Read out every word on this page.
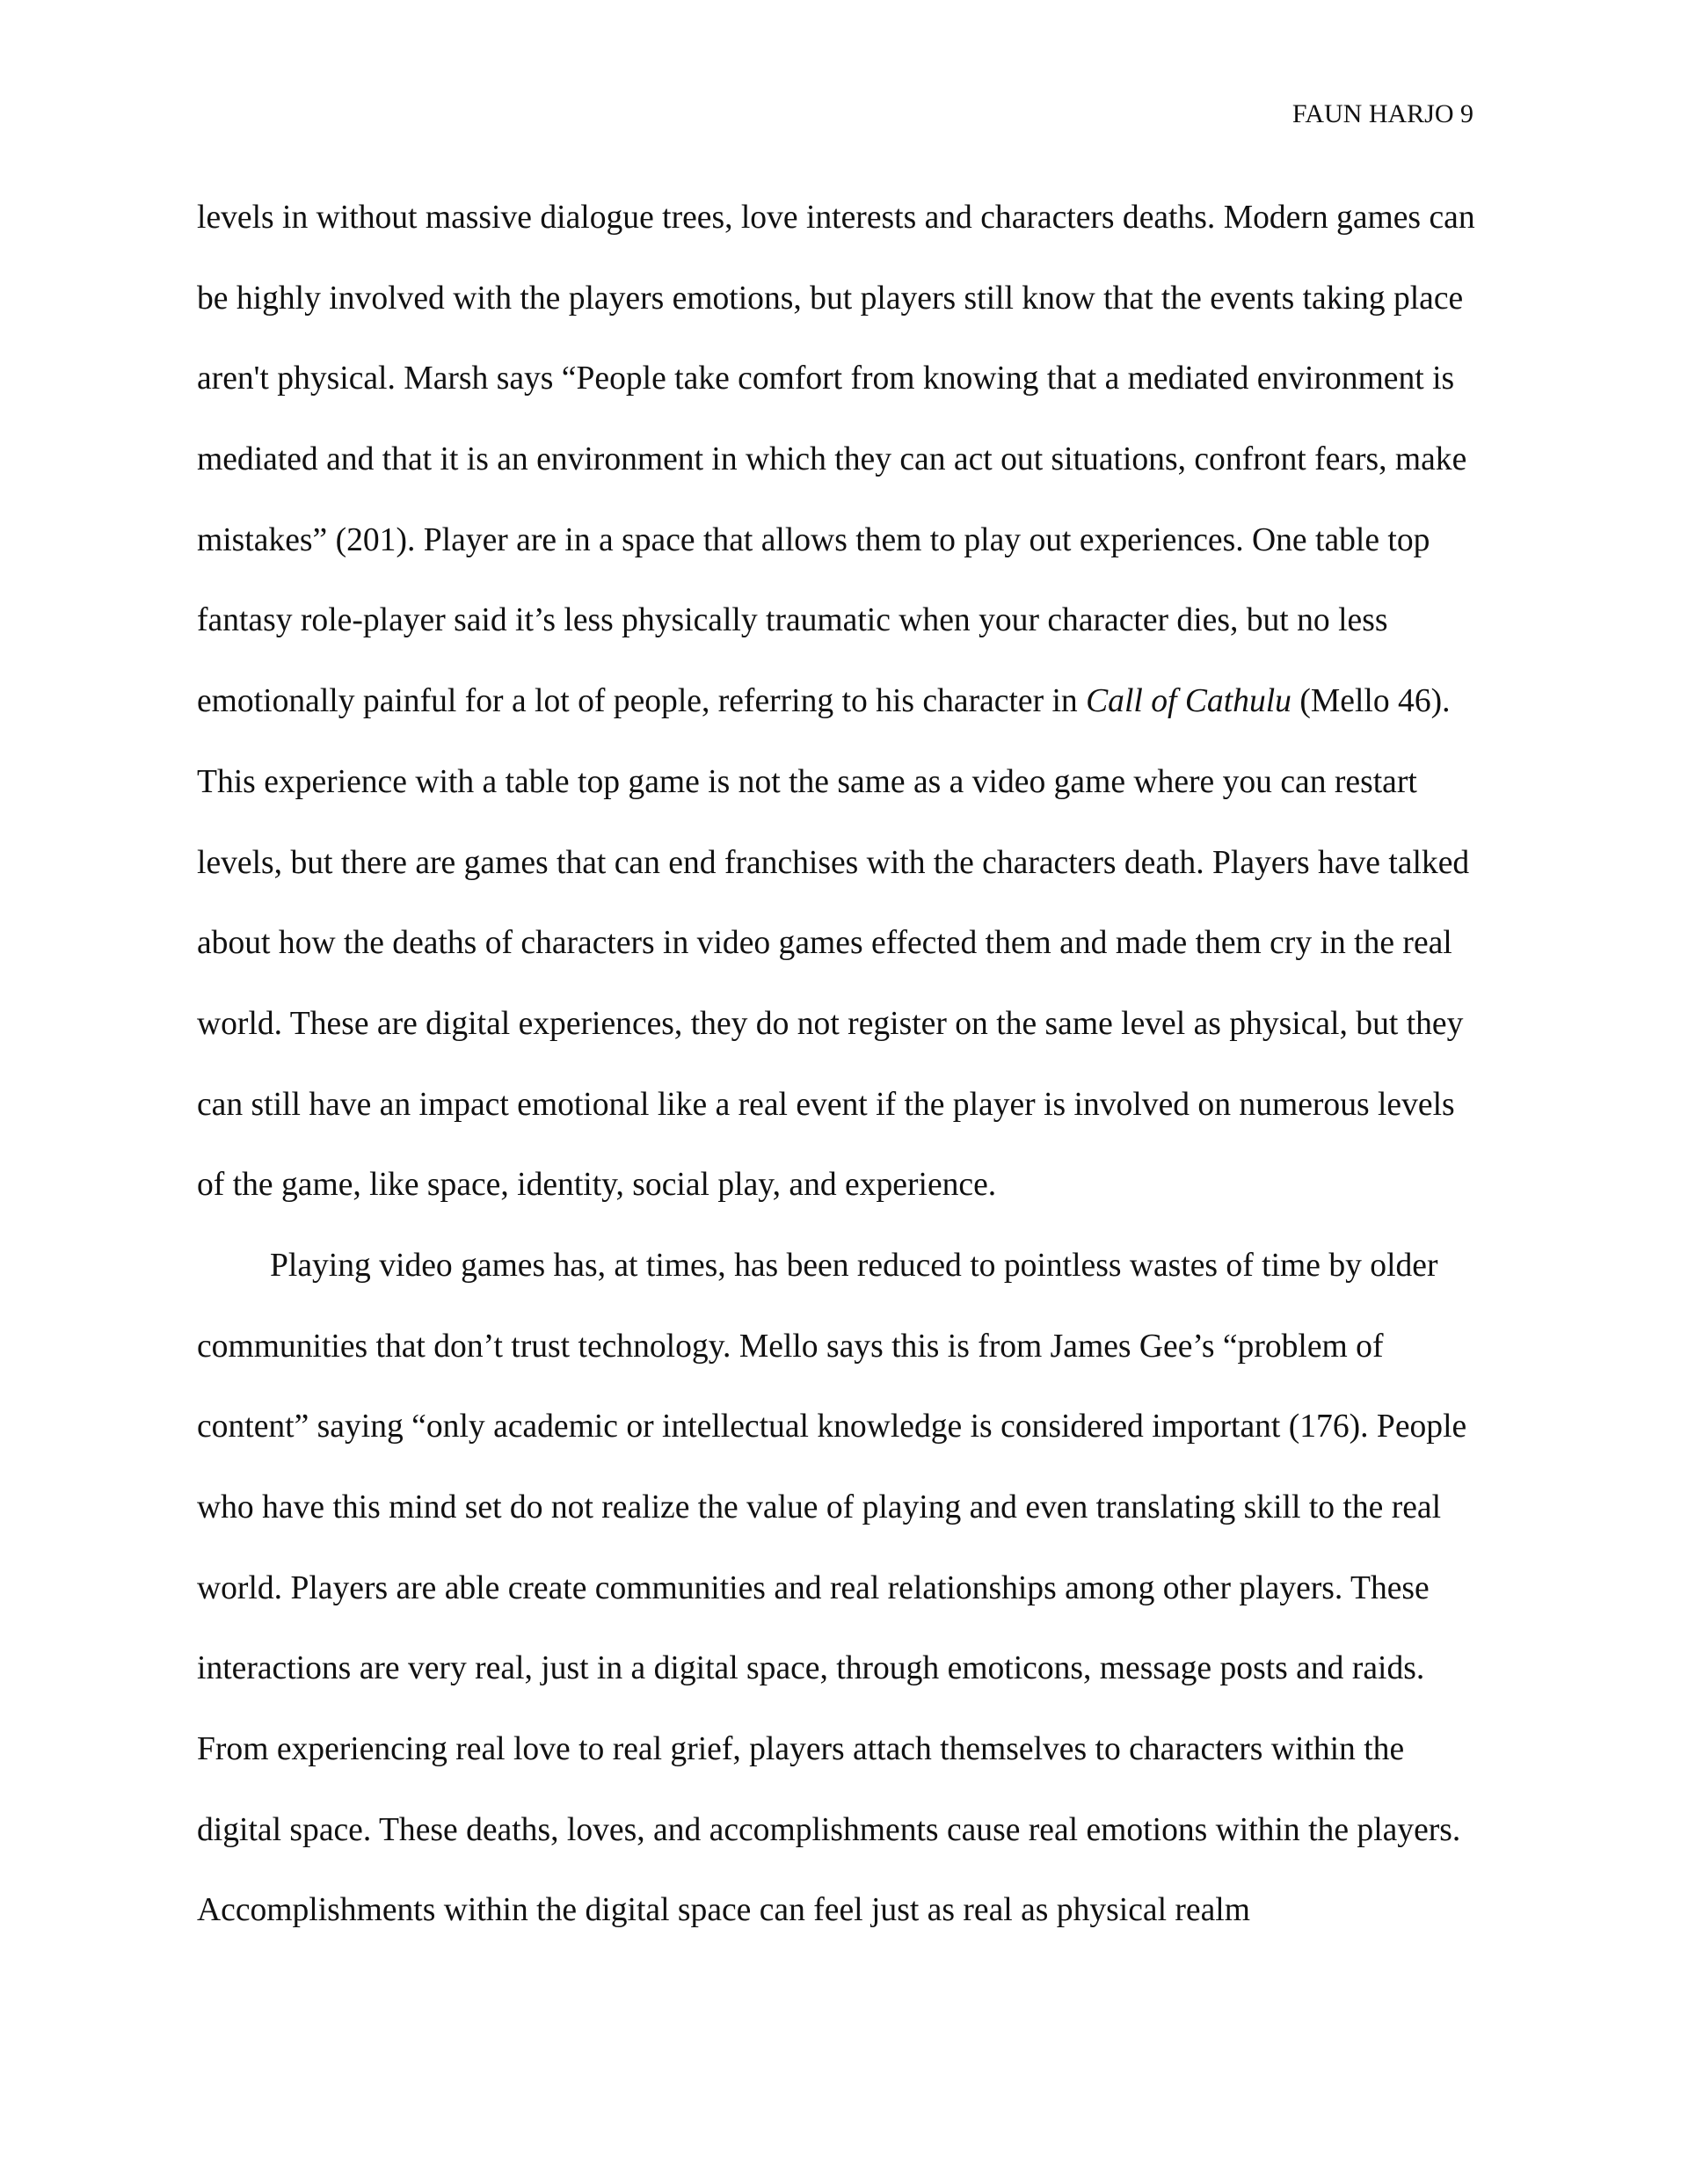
FAUN HARJO 9
levels in without massive dialogue trees, love interests and characters deaths. Modern games can
be highly involved with the players emotions, but players still know that the events taking place
aren't physical. Marsh says “People take comfort from knowing that a mediated environment is
mediated and that it is an environment in which they can act out situations, confront fears, make
mistakes” (201). Player are in a space that allows them to play out experiences. One table top
fantasy role-player said it’s less physically traumatic when your character dies, but no less
emotionally painful for a lot of people, referring to his character in Call of Cathulu (Mello 46).
This experience with a table top game is not the same as a video game where you can restart
levels, but there are games that can end franchises with the characters death. Players have talked
about how the deaths of characters in video games effected them and made them cry in the real
world. These are digital experiences, they do not register on the same level as physical, but they
can still have an impact emotional like a real event if the player is involved on numerous levels
of the game, like space, identity, social play, and experience.
Playing video games has, at times, has been reduced to pointless wastes of time by older
communities that don’t trust technology. Mello says this is from James Gee’s “problem of
content” saying “only academic or intellectual knowledge is considered important (176). People
who have this mind set do not realize the value of playing and even translating skill to the real
world. Players are able create communities and real relationships among other players. These
interactions are very real, just in a digital space, through emoticons, message posts and raids.
From experiencing real love to real grief, players attach themselves to characters within the
digital space. These deaths, loves, and accomplishments cause real emotions within the players.
Accomplishments within the digital space can feel just as real as physical realm
